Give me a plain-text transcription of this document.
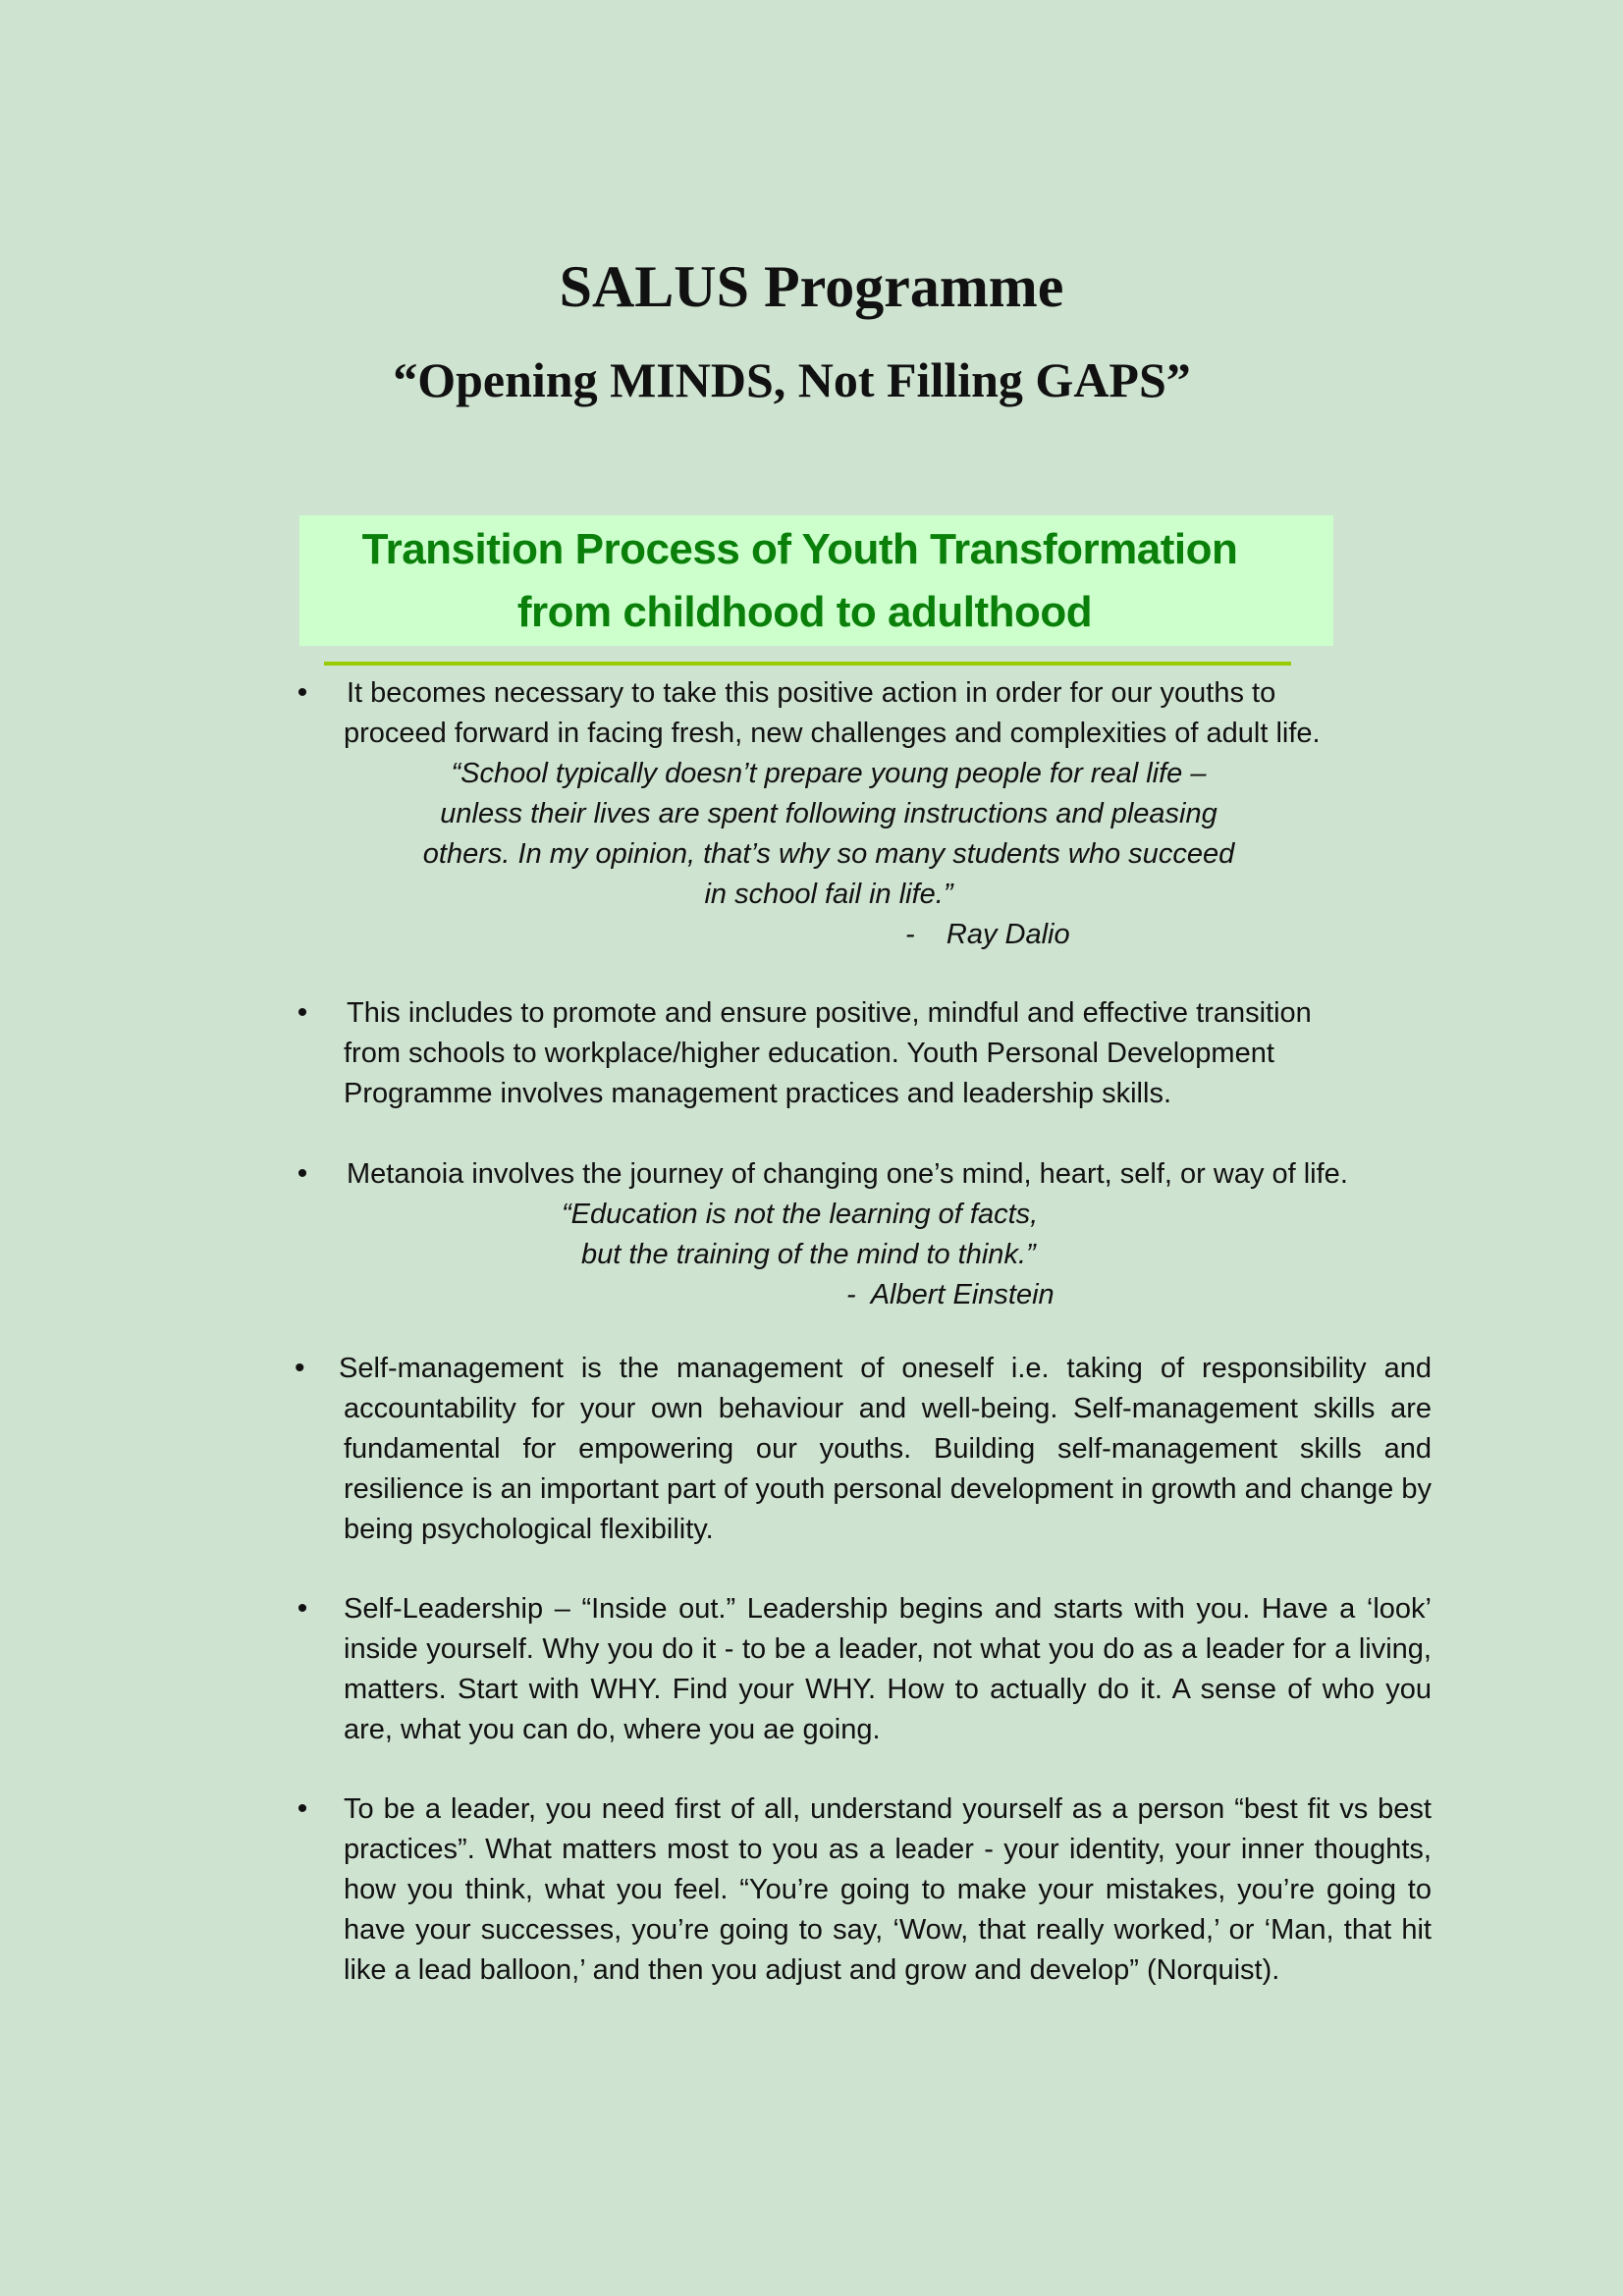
SALUS Programme
“Opening MINDS, Not Filling GAPS”
Transition Process of Youth Transformation
from childhood to adulthood
• It becomes necessary to take this positive action in order for our youths to

proceed forward in facing fresh, new challenges and complexities of adult life.

“School typically doesn’t prepare young people for real life –

unless their lives are spent following instructions and pleasing

others. In my opinion, that’s why so many students who succeed

in school fail in life.”

-    Ray Dalio

• This includes to promote and ensure positive, mindful and effective transition

from schools to workplace/higher education. Youth Personal Development

Programme involves management practices and leadership skills.

• Metanoia involves the journey of changing one’s mind, heart, self, or way of life.

“Education is not the learning of facts,

but the training of the mind to think.”

-  Albert Einstein

• Self-management is the management of oneself i.e. taking of responsibility and accountability for your own behaviour and well-being. Self-management skills are fundamental for empowering our youths. Building self-management skills and resilience is an important part of youth personal development in growth and change by being psychological flexibility.

• Self-Leadership – “Inside out.” Leadership begins and starts with you. Have a ‘look’ inside yourself. Why you do it - to be a leader, not what you do as a leader for a living, matters. Start with WHY. Find your WHY. How to actually do it. A sense of who you are, what you can do, where you ae going.

• To be a leader, you need first of all, understand yourself as a person “best fit vs best practices”. What matters most to you as a leader - your identity, your inner thoughts, how you think, what you feel. “You’re going to make your mistakes, you’re going to have your successes, you’re going to say, ‘Wow, that really worked,’ or ‘Man, that hit like a lead balloon,’ and then you adjust and grow and develop” (Norquist).
